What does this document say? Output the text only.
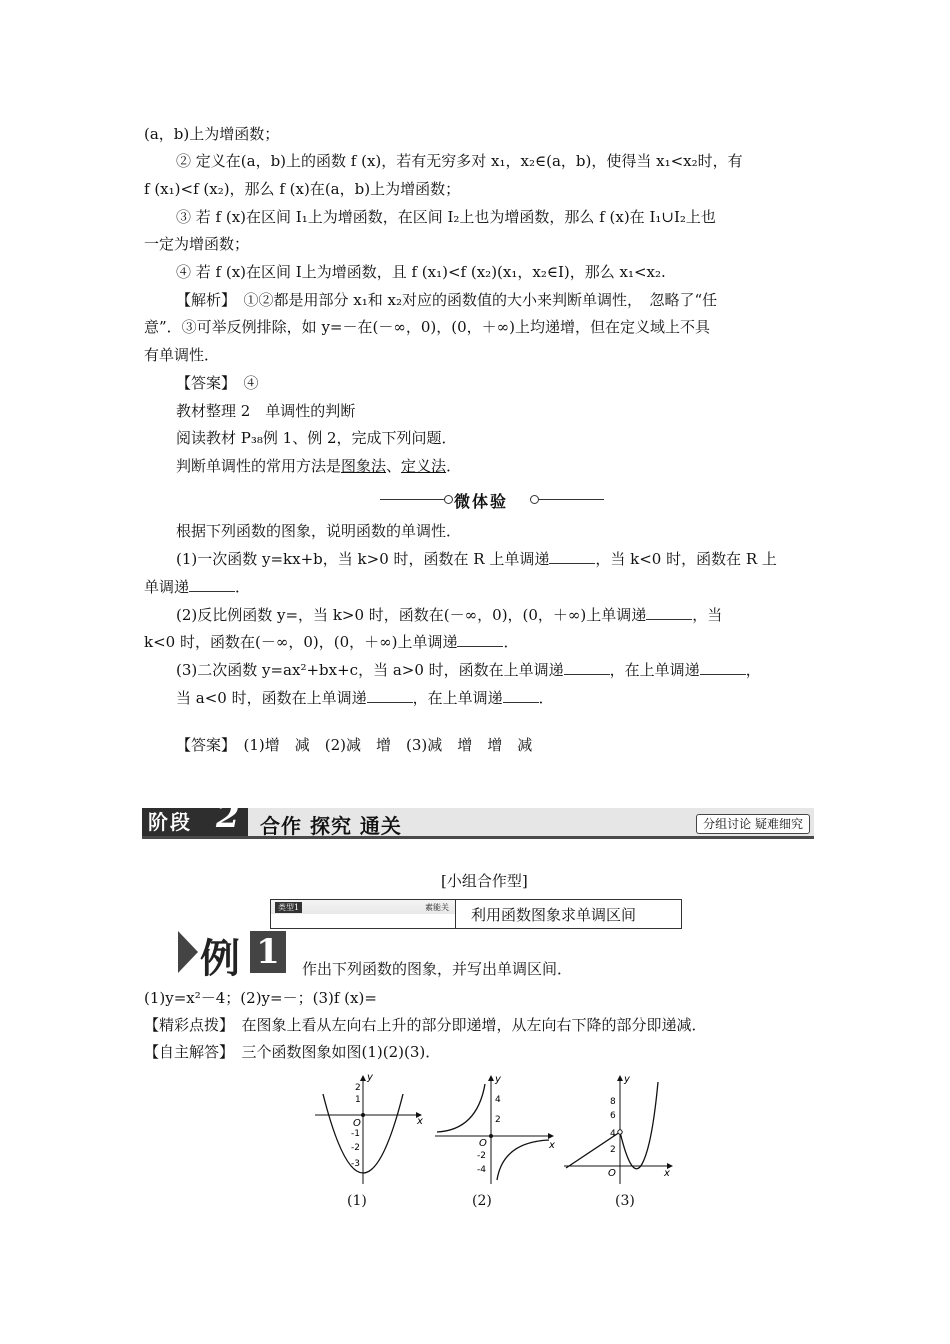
(a，b)上为增函数；
② 定义在(a，b)上的函数 f (x)，若有无穷多对 x₁，x₂∈(a，b)，使得当 x₁<x₂时，有
f (x₁)<f (x₂)，那么 f (x)在(a，b)上为增函数；
③ 若 f (x)在区间 I₁上为增函数，在区间 I₂上也为增函数，那么 f (x)在 I₁∪I₂上也
一定为增函数；
④ 若 f (x)在区间 I上为增函数，且 f (x₁)<f (x₂)(x₁，x₂∈I)，那么 x₁<x₂.
【解析】　①②都是用部分 x₁和 x₂对应的函数值的大小来判断单调性，　忽略了“任
意”．③可举反例排除，如 y=－在(－∞，0)，(0，＋∞)上均递增，但在定义域上不具
有单调性．
【答案】　④
教材整理 2　单调性的判断
阅读教材 P₃₈例 1、例 2，完成下列问题．
判断单调性的常用方法是图象法、定义法．
微体验
根据下列函数的图象，说明函数的单调性．
(1)一次函数 y=kx+b，当 k>0 时，函数在 R 上单调递	，当 k<0 时，函数在 R 上
单调递	．
(2)反比例函数 y=，当 k>0 时，函数在(－∞，0)，(0，＋∞)上单调递	，当
k<0 时，函数在(－∞，0)，(0，＋∞)上单调递	．
(3)二次函数 y=ax²+bx+c，当 a>0 时，函数在上单调递	，在上单调递	，
当 a<0 时，函数在上单调递	，在上单调递 ．
【答案】　(1)增　减　(2)减　增　(3)减　增　增　减
阶段 2 合作 探究 通关	分组讨论 疑难细究
[小组合作型]
类型1	素能关 利用函数图象求单调区间
例 1	作出下列函数的图象，并写出单调区间．
(1)y=x²－4；(2)y=－；(3)f (x)=
【精彩点拨】　在图象上看从左向右上升的部分即递增，从左向右下降的部分即递减．
【自主解答】　三个函数图象如图(1)(2)(3)．
y
x
O
2
1
-1
-2
-3
y
x
O
4
2
-2
-4
y
x
O
8
6
4
2
(1)	(2)	(3)
